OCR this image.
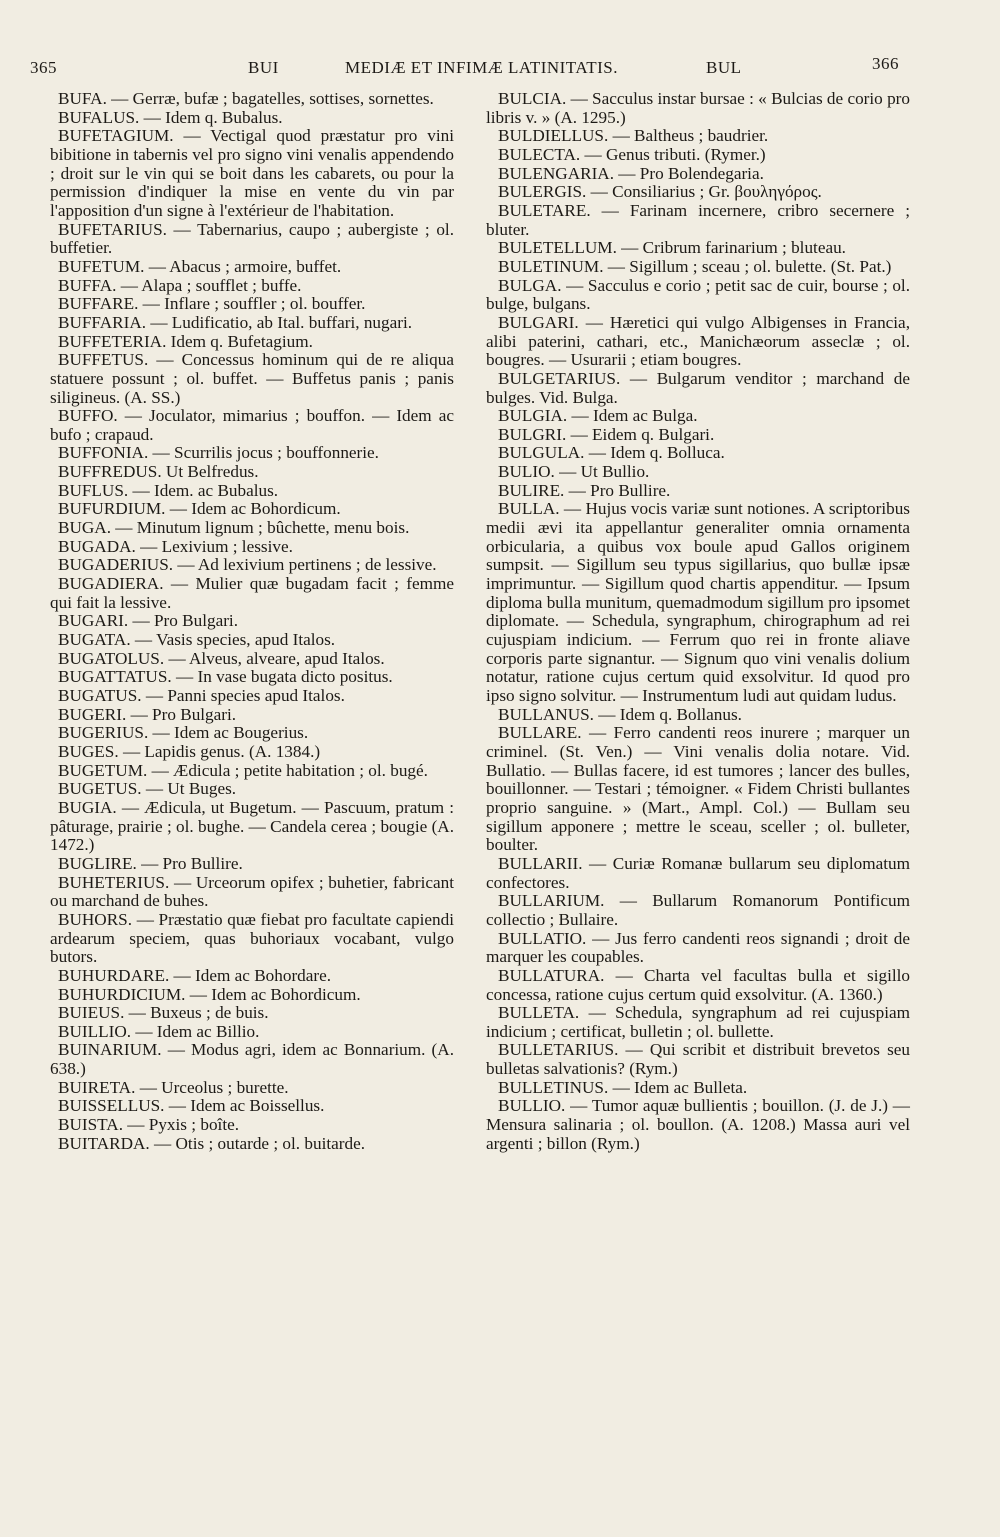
365	BUI	MEDIÆ ET INFIMÆ LATINITATIS.	BUL	366

BUFA. — Gerræ, bufæ ; bagatelles, sottises, sornettes.

BUFALUS. — Idem q. Bubalus.

BUFETAGIUM. — Vectigal quod præstatur pro vini bibitione in tabernis vel pro signo vini venalis appendendo ; droit sur le vin qui se boit dans les cabarets, ou pour la permission d'indiquer la mise en vente du vin par l'apposition d'un signe à l'extérieur de l'habitation.

BUFETARIUS. — Tabernarius, caupo ; aubergiste ; ol. buffetier.

BUFETUM. — Abacus ; armoire, buffet.

BUFFA. — Alapa ; soufflet ; buffe.

BUFFARE. — Inflare ; souffler ; ol. bouffer.

BUFFARIA. — Ludificatio, ab Ital. buffari, nugari.

BUFFETERIA. Idem q. Bufetagium.

BUFFETUS. — Concessus hominum qui de re aliqua statuere possunt ; ol. buffet. — Buffetus panis ; panis siligineus. (A. SS.)

BUFFO. — Joculator, mimarius ; bouffon. — Idem ac bufo ; crapaud.

BUFFONIA. — Scurrilis jocus ; bouffonnerie.

BUFFREDUS. Ut Belfredus.

BUFLUS. — Idem. ac Bubalus.

BUFURDIUM. — Idem ac Bohordicum.

BUGA. — Minutum lignum ; bûchette, menu bois.

BUGADA. — Lexivium ; lessive.

BUGADERIUS. — Ad lexivium pertinens ; de lessive.

BUGADIERA. — Mulier quæ bugadam facit ; femme qui fait la lessive.

BUGARI. — Pro Bulgari.

BUGATA. — Vasis species, apud Italos.

BUGATOLUS. — Alveus, alveare, apud Italos.

BUGATTATUS. — In vase bugata dicto positus.

BUGATUS. — Panni species apud Italos.

BUGERI. — Pro Bulgari.

BUGERIUS. — Idem ac Bougerius.

BUGES. — Lapidis genus. (A. 1384.)

BUGETUM. — Ædicula ; petite habitation ; ol. bugé.

BUGETUS. — Ut Buges.

BUGIA. — Ædicula, ut Bugetum. — Pascuum, pratum : pâturage, prairie ; ol. bughe. — Candela cerea ; bougie (A. 1472.)

BUGLIRE. — Pro Bullire.

BUHETERIUS. — Urceorum opifex ; buhetier, fabricant ou marchand de buhes.

BUHORS. — Præstatio quæ fiebat pro facultate capiendi ardearum speciem, quas buhoriaux vocabant, vulgo butors.

BUHURDARE. — Idem ac Bohordare.

BUHURDICIUM. — Idem ac Bohordicum.

BUIEUS. — Buxeus ; de buis.

BUILLIO. — Idem ac Billio.

BUINARIUM. — Modus agri, idem ac Bonnarium. (A. 638.)

BUIRETA. — Urceolus ; burette.

BUISSELLUS. — Idem ac Boissellus.

BUISTA. — Pyxis ; boîte.

BUITARDA. — Otis ; outarde ; ol. buitarde.

BULCIA. — Sacculus instar bursae : « Bulcias de corio pro libris v. » (A. 1295.)

BULDIELLUS. — Baltheus ; baudrier.

BULECTA. — Genus tributi. (Rymer.)

BULENGARIA. — Pro Bolendegaria.

BULERGIS. — Consiliarius ; Gr. βουληγόρος.

BULETARE. — Farinam incernere, cribro secernere ; bluter.

BULETELLUM. — Cribrum farinarium ; bluteau.

BULETINUM. — Sigillum ; sceau ; ol. bulette. (St. Pat.)

BULGA. — Sacculus e corio ; petit sac de cuir, bourse ; ol. bulge, bulgans.

BULGARI. — Hæretici qui vulgo Albigenses in Francia, alibi paterini, cathari, etc., Manichæorum asseclæ ; ol. bougres. — Usurarii ; etiam bougres.

BULGETARIUS. — Bulgarum venditor ; marchand de bulges. Vid. Bulga.

BULGIA. — Idem ac Bulga.

BULGRI. — Eidem q. Bulgari.

BULGULA. — Idem q. Bolluca.

BULIO. — Ut Bullio.

BULIRE. — Pro Bullire.

BULLA. — Hujus vocis variæ sunt notiones. A scriptoribus medii ævi ita appellantur generaliter omnia ornamenta orbicularia, a quibus vox boule apud Gallos originem sumpsit. — Sigillum seu typus sigillarius, quo bullæ ipsæ imprimuntur. — Sigillum quod chartis appenditur. — Ipsum diploma bulla munitum, quemadmodum sigillum pro ipsomet diplomate. — Schedula, syngraphum, chirographum ad rei cujuspiam indicium. — Ferrum quo rei in fronte aliave corporis parte signantur. — Signum quo vini venalis dolium notatur, ratione cujus certum quid exsolvitur. Id quod pro ipso signo solvitur. — Instrumentum ludi aut quidam ludus.

BULLANUS. — Idem q. Bollanus.

BULLARE. — Ferro candenti reos inurere ; marquer un criminel. (St. Ven.) — Vini venalis dolia notare. Vid. Bullatio. — Bullas facere, id est tumores ; lancer des bulles, bouillonner. — Testari ; témoigner. « Fidem Christi bullantes proprio sanguine. » (Mart., Ampl. Col.) — Bullam seu sigillum apponere ; mettre le sceau, sceller ; ol. bulleter, boulter.

BULLARII. — Curiæ Romanæ bullarum seu diplomatum confectores.

BULLARIUM. — Bullarum Romanorum Pontificum collectio ; Bullaire.

BULLATIO. — Jus ferro candenti reos signandi ; droit de marquer les coupables.

BULLATURA. — Charta vel facultas bulla et sigillo concessa, ratione cujus certum quid exsolvitur. (A. 1360.)

BULLETA. — Schedula, syngraphum ad rei cujuspiam indicium ; certificat, bulletin ; ol. bullette.

BULLETARIUS. — Qui scribit et distribuit brevetos seu bulletas salvationis? (Rym.)

BULLETINUS. — Idem ac Bulleta.

BULLIO. — Tumor aquæ bullientis ; bouillon. (J. de J.) — Mensura salinaria ; ol. boullon. (A. 1208.) Massa auri vel argenti ; billon (Rym.)
